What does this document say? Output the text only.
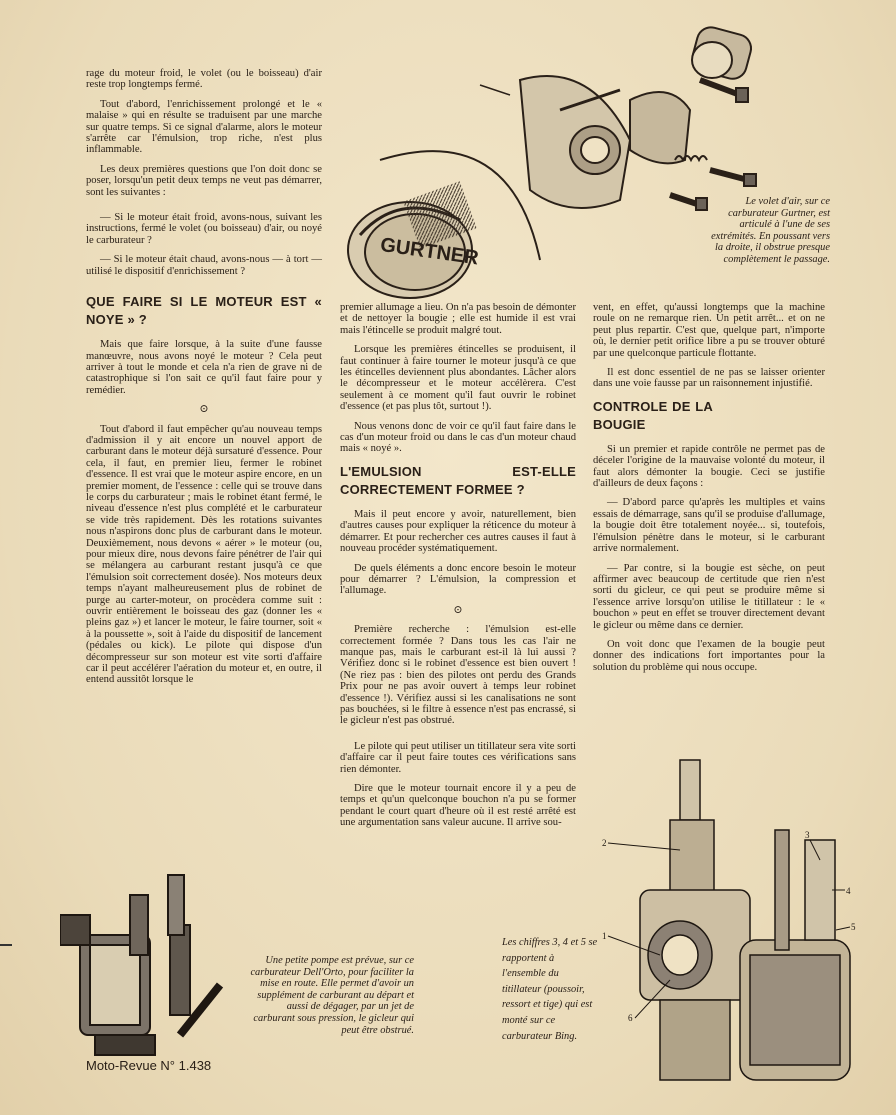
rage du moteur froid, le volet (ou le boisseau) d'air reste trop longtemps fermé.

Tout d'abord, l'enrichissement prolongé et le « malaise » qui en résulte se traduisent par une marche sur quatre temps. Si ce signal d'alarme, alors le moteur s'arrête car l'émulsion, trop riche, n'est plus inflammable.

Les deux premières questions que l'on doit donc se poser, lorsqu'un petit deux temps ne veut pas démarrer, sont les suivantes :

— Si le moteur était froid, avons-nous, suivant les instructions, fermé le volet (ou boisseau) d'air, ou noyé le carburateur ?

— Si le moteur était chaud, avons-nous — à tort — utilisé le dispositif d'enrichissement ?

QUE FAIRE SI LE MOTEUR EST « NOYE » ?

Mais que faire lorsque, à la suite d'une fausse manœuvre, nous avons noyé le moteur ? Cela peut arriver à tout le monde et cela n'a rien de grave ni de catastrophique si l'on sait ce qu'il faut faire pour y remédier.

⊙

Tout d'abord il faut empêcher qu'au nouveau temps d'admission il y ait encore un nouvel apport de carburant dans le moteur déjà sursaturé d'essence. Pour cela, il faut, en premier lieu, fermer le robinet d'essence. Il est vrai que le moteur aspire encore, en un premier moment, de l'essence : celle qui se trouve dans le corps du carburateur ; mais le robinet étant fermé, le niveau d'essence n'est plus complété et le carburateur se vide très rapidement. Dès les rotations suivantes nous n'aspirons donc plus de carburant dans le moteur. Deuxièmement, nous devons « aérer » le moteur (ou, pour mieux dire, nous devons faire pénétrer de l'air qui se mélangera au carburant restant jusqu'à ce que l'émulsion soit correctement dosée). Nos moteurs deux temps n'ayant malheureusement plus de robinet de purge au carter-moteur, on procèdera comme suit : ouvrir entièrement le boisseau des gaz (donner les « pleins gaz ») et lancer le moteur, le faire tourner, soit « à la poussette », soit à l'aide du dispositif de lancement (pédales ou kick). Le pilote qui dispose d'un décompresseur sur son moteur est vite sorti d'affaire car il peut accélérer l'aération du moteur et, en outre, il entend aussitôt lorsque le

premier allumage a lieu. On n'a pas besoin de démonter et de nettoyer la bougie ; elle est humide il est vrai mais l'étincelle se produit malgré tout.

Lorsque les premières étincelles se produisent, il faut continuer à faire tourner le moteur jusqu'à ce que les étincelles deviennent plus abondantes. Lâcher alors le décompresseur et le moteur accélèrera. C'est seulement à ce moment qu'il faut ouvrir le robinet d'essence (et pas plus tôt, surtout !).

Nous venons donc de voir ce qu'il faut faire dans le cas d'un moteur froid ou dans le cas d'un moteur chaud mais « noyé ».

L'EMULSION EST-ELLE CORRECTEMENT FORMEE ?

Mais il peut encore y avoir, naturellement, bien d'autres causes pour expliquer la réticence du moteur à démarrer. Et pour rechercher ces autres causes il faut à nouveau procéder systématiquement.

De quels éléments a donc encore besoin le moteur pour démarrer ? L'émulsion, la compression et l'allumage.

⊙

Première recherche : l'émulsion est-elle correctement formée ? Dans tous les cas l'air ne manque pas, mais le carburant est-il là lui aussi ? Vérifiez donc si le robinet d'essence est bien ouvert ! (Ne riez pas : bien des pilotes ont perdu des Grands Prix pour ne pas avoir ouvert à temps leur robinet d'essence !). Vérifiez aussi si les canalisations ne sont pas bouchées, si le filtre à essence n'est pas encrassé, si le gicleur n'est pas obstrué.

Le pilote qui peut utiliser un titillateur sera vite sorti d'affaire car il peut faire toutes ces vérifications sans rien démonter.

Dire que le moteur tournait encore il y a peu de temps et qu'un quelconque bouchon n'a pu se former pendant le court quart d'heure où il est resté arrêté est une argumentation sans valeur aucune. Il arrive sou-

vent, en effet, qu'aussi longtemps que la machine roule on ne remarque rien. Un petit arrêt... et on ne peut plus repartir. C'est que, quelque part, n'importe où, le dernier petit orifice libre a pu se trouver obturé par une quelconque particule flottante.

Il est donc essentiel de ne pas se laisser orienter dans une voie fausse par un raisonnement injustifié.

CONTROLE DE LA BOUGIE

Si un premier et rapide contrôle ne permet pas de déceler l'origine de la mauvaise volonté du moteur, il faut alors démonter la bougie. Ceci se justifie d'ailleurs de deux façons :

— D'abord parce qu'après les multiples et vains essais de démarrage, sans qu'il se produise d'allumage, la bougie doit être totalement noyée... si, toutefois, l'émulsion pénètre dans le moteur, si le carburant arrive normalement.

— Par contre, si la bougie est sèche, on peut affirmer avec beaucoup de certitude que rien n'est sorti du gicleur, ce qui peut se produire même si l'essence arrive lorsqu'on utilise le titillateur : le « bouchon » peut en effet se trouver directement devant le gicleur ou même dans ce dernier.

On voit donc que l'examen de la bougie peut donner des indications fort importantes pour la solution du problème qui nous occupe.

GURTNER
Le volet d'air, sur ce carburateur Gurtner, est articulé à l'une de ses extrémités. En poussant vers la droite, il obstrue presque complètement le passage.
Une petite pompe est prévue, sur ce carburateur Dell'Orto, pour faciliter la mise en route. Elle permet d'avoir un supplément de carburant au départ et aussi de dégager, par un jet de carburant sous pression, le gicleur qui peut être obstrué.
1
2
3
4
5
6
Les chiffres 3, 4 et 5 se rapportent à l'ensemble du titillateur (poussoir, ressort et tige) qui est monté sur ce carburateur Bing.
Moto-Revue N° 1.438
